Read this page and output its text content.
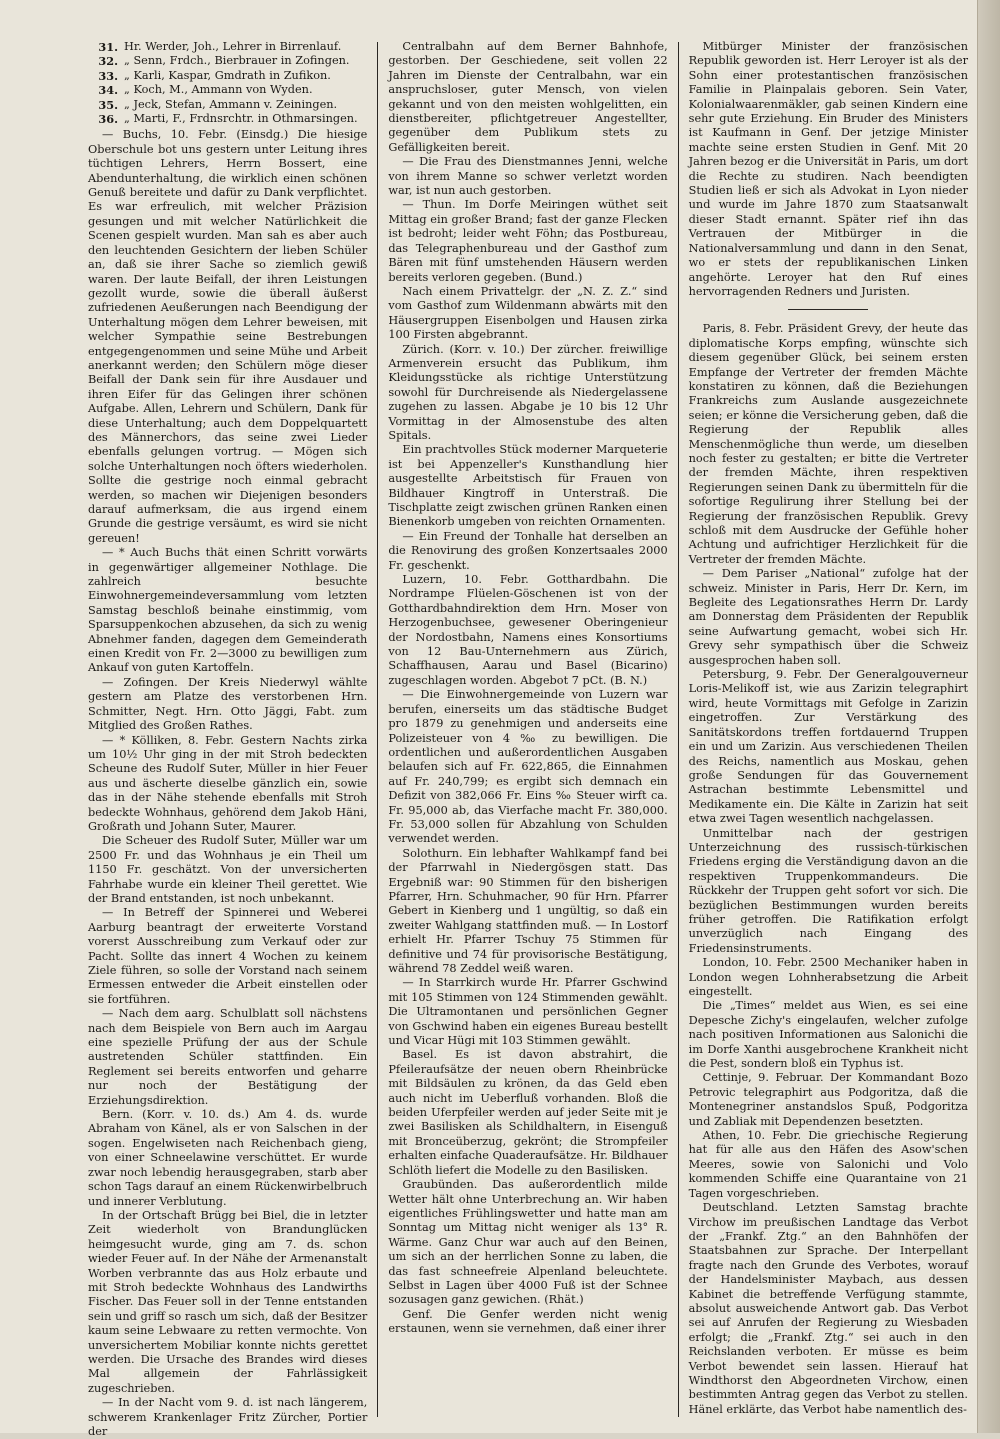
31. Hr. Werder, Joh., Lehrer in Birrenlauf.
32. „ Senn, Frdch., Bierbrauer in Zofingen.
33. „ Karli, Kaspar, Gmdrath in Zufikon.
34. „ Koch, M., Ammann von Wyden.
35. „ Jeck, Stefan, Ammann v. Zeiningen.
36. „ Marti, F., Frdnsrchtr. in Othmarsingen.

— Buchs, 10. Febr. (Einsdg.) Die hiesige Oberschule bot uns gestern unter Leitung ihres tüchtigen Lehrers, Herrn Bossert, eine Abendunterhaltung, die wirklich einen schönen Genuß bereitete und dafür zu Dank verpflichtet. Es war erfreulich, mit welcher Präzision gesungen und mit welcher Natürlichkeit die Scenen gespielt wurden. Man sah es aber auch den leuchtenden Gesichtern der lieben Schüler an, daß sie ihrer Sache so ziemlich gewiß waren. Der laute Beifall, der ihren Leistungen gezollt wurde, sowie die überall äußerst zufriedenen Aeußerungen nach Beendigung der Unterhaltung mögen dem Lehrer beweisen, mit welcher Sympathie seine Bestrebungen entgegengenommen und seine Mühe und Arbeit anerkannt werden; den Schülern möge dieser Beifall der Dank sein für ihre Ausdauer und ihren Eifer für das Gelingen ihrer schönen Aufgabe. Allen, Lehrern und Schülern, Dank für diese Unterhaltung; auch dem Doppelquartett des Männerchors, das seine zwei Lieder ebenfalls gelungen vortrug. — Mögen sich solche Unterhaltungen noch öfters wiederholen. Sollte die gestrige noch einmal gebracht werden, so machen wir Diejenigen besonders darauf aufmerksam, die aus irgend einem Grunde die gestrige versäumt, es wird sie nicht gereuen!

— * Auch Buchs thät einen Schritt vorwärts in gegenwärtiger allgemeiner Nothlage. Die zahlreich besuchte Einwohnergemeindeversammlung vom letzten Samstag beschloß beinahe einstimmig, vom Sparsuppenkochen abzusehen, da sich zu wenig Abnehmer fanden, dagegen dem Gemeinderath einen Kredit von Fr. 2—3000 zu bewilligen zum Ankauf von guten Kartoffeln.

— Zofingen. Der Kreis Niederwyl wählte gestern am Platze des verstorbenen Hrn. Schmitter, Negt. Hrn. Otto Jäggi, Fabt. zum Mitglied des Großen Rathes.

— * Kölliken, 8. Febr. Gestern Nachts zirka um 10½ Uhr ging in der mit Stroh bedeckten Scheune des Rudolf Suter, Müller in hier Feuer aus und äscherte dieselbe gänzlich ein, sowie das in der Nähe stehende ebenfalls mit Stroh bedeckte Wohnhaus, gehörend dem Jakob Häni, Großrath und Johann Suter, Maurer.

Die Scheuer des Rudolf Suter, Müller war um 2500 Fr. und das Wohnhaus je ein Theil um 1150 Fr. geschätzt. Von der unversicherten Fahrhabe wurde ein kleiner Theil gerettet. Wie der Brand entstanden, ist noch unbekannt.

— In Betreff der Spinnerei und Weberei Aarburg beantragt der erweiterte Vorstand vorerst Ausschreibung zum Verkauf oder zur Pacht. Sollte das innert 4 Wochen zu keinem Ziele führen, so solle der Vorstand nach seinem Ermessen entweder die Arbeit einstellen oder sie fortführen.

— Nach dem aarg. Schulblatt soll nächstens nach dem Beispiele von Bern auch im Aargau eine spezielle Prüfung der aus der Schule austretenden Schüler stattfinden. Ein Reglement sei bereits entworfen und geharre nur noch der Bestätigung der Erziehungsdirektion.

Bern. (Korr. v. 10. ds.) Am 4. ds. wurde Abraham von Känel, als er von Salschen in der sogen. Engelwiseten nach Reichenbach gieng, von einer Schneelawine verschüttet. Er wurde zwar noch lebendig herausgegraben, starb aber schon Tags darauf an einem Rückenwirbelbruch und innerer Verblutung.

In der Ortschaft Brügg bei Biel, die in letzter Zeit wiederholt von Brandunglücken heimgesucht wurde, ging am 7. ds. schon wieder Feuer auf. In der Nähe der Armenanstalt Worben verbrannte das aus Holz erbaute und mit Stroh bedeckte Wohnhaus des Landwirths Fischer. Das Feuer soll in der Tenne entstanden sein und griff so rasch um sich, daß der Besitzer kaum seine Lebwaare zu retten vermochte. Von unversichertem Mobiliar konnte nichts gerettet werden. Die Ursache des Brandes wird dieses Mal allgemein der Fahrlässigkeit zugeschrieben.

— In der Nacht vom 9. d. ist nach längerem, schwerem Krankenlager Fritz Zürcher, Portier der

Centralbahn auf dem Berner Bahnhofe, gestorben. Der Geschiedene, seit vollen 22 Jahren im Dienste der Centralbahn, war ein anspruchsloser, guter Mensch, von vielen gekannt und von den meisten wohlgelitten, ein dienstbereiter, pflichtgetreuer Angestellter, gegenüber dem Publikum stets zu Gefälligkeiten bereit.

— Die Frau des Dienstmannes Jenni, welche von ihrem Manne so schwer verletzt worden war, ist nun auch gestorben.

— Thun. Im Dorfe Meiringen wüthet seit Mittag ein großer Brand; fast der ganze Flecken ist bedroht; leider weht Föhn; das Postbureau, das Telegraphenbureau und der Gasthof zum Bären mit fünf umstehenden Häusern werden bereits verloren gegeben. (Bund.)

Nach einem Privattelgr. der „N. Z. Z.“ sind vom Gasthof zum Wildenmann abwärts mit den Häusergruppen Eisenbolgen und Hausen zirka 100 Firsten abgebrannt.

Zürich. (Korr. v. 10.) Der zürcher. freiwillige Armenverein ersucht das Publikum, ihm Kleidungsstücke als richtige Unterstützung sowohl für Durchreisende als Niedergelassene zugehen zu lassen. Abgabe je 10 bis 12 Uhr Vormittag in der Almosenstube des alten Spitals.

Ein prachtvolles Stück moderner Marqueterie ist bei Appenzeller's Kunsthandlung hier ausgestellte Arbeitstisch für Frauen von Bildhauer Kingtroff in Unterstraß. Die Tischplatte zeigt zwischen grünen Ranken einen Bienenkorb umgeben von reichten Ornamenten.

— Ein Freund der Tonhalle hat derselben an die Renovirung des großen Konzertsaales 2000 Fr. geschenkt.

Luzern, 10. Febr. Gotthardbahn. Die Nordrampe Flüelen-Göschenen ist von der Gotthardbahndirektion dem Hrn. Moser von Herzogenbuchsee, gewesener Oberingenieur der Nordostbahn, Namens eines Konsortiums von 12 Bau-Unternehmern aus Zürich, Schaffhausen, Aarau und Basel (Bicarino) zugeschlagen worden. Abgebot 7 pCt. (B. N.)

— Die Einwohnergemeinde von Luzern war berufen, einerseits um das städtische Budget pro 1879 zu genehmigen und anderseits eine Polizeisteuer von 4 ‰ zu bewilligen. Die ordentlichen und außerordentlichen Ausgaben belaufen sich auf Fr. 622,865, die Einnahmen auf Fr. 240,799; es ergibt sich demnach ein Defizit von 382,066 Fr. Eins ‰ Steuer wirft ca. Fr. 95,000 ab, das Vierfache macht Fr. 380,000. Fr. 53,000 sollen für Abzahlung von Schulden verwendet werden.

Solothurn. Ein lebhafter Wahlkampf fand bei der Pfarrwahl in Niedergösgen statt. Das Ergebniß war: 90 Stimmen für den bisherigen Pfarrer, Hrn. Schuhmacher, 90 für Hrn. Pfarrer Gebert in Kienberg und 1 ungültig, so daß ein zweiter Wahlgang stattfinden muß. — In Lostorf erhielt Hr. Pfarrer Tschuy 75 Stimmen für definitive und 74 für provisorische Bestätigung, während 78 Zeddel weiß waren.

— In Starrkirch wurde Hr. Pfarrer Gschwind mit 105 Stimmen von 124 Stimmenden gewählt. Die Ultramontanen und persönlichen Gegner von Gschwind haben ein eigenes Bureau bestellt und Vicar Hügi mit 103 Stimmen gewählt.

Basel. Es ist davon abstrahirt, die Pfeileraufsätze der neuen obern Rheinbrücke mit Bildsäulen zu krönen, da das Geld eben auch nicht im Ueberfluß vorhanden. Bloß die beiden Uferpfeiler werden auf jeder Seite mit je zwei Basilisken als Schildhaltern, in Eisenguß mit Bronceüberzug, gekrönt; die Strompfeiler erhalten einfache Quaderaufsätze. Hr. Bildhauer Schlöth liefert die Modelle zu den Basilisken.

Graubünden. Das außerordentlich milde Wetter hält ohne Unterbrechung an. Wir haben eigentliches Frühlingswetter und hatte man am Sonntag um Mittag nicht weniger als 13° R. Wärme. Ganz Chur war auch auf den Beinen, um sich an der herrlichen Sonne zu laben, die das fast schneefreie Alpenland beleuchtete. Selbst in Lagen über 4000 Fuß ist der Schnee sozusagen ganz gewichen. (Rhät.)

Genf. Die Genfer werden nicht wenig erstaunen, wenn sie vernehmen, daß einer ihrer

Mitbürger Minister der französischen Republik geworden ist. Herr Leroyer ist als der Sohn einer protestantischen französischen Familie in Plainpalais geboren. Sein Vater, Kolonialwaarenmäkler, gab seinen Kindern eine sehr gute Erziehung. Ein Bruder des Ministers ist Kaufmann in Genf. Der jetzige Minister machte seine ersten Studien in Genf. Mit 20 Jahren bezog er die Universität in Paris, um dort die Rechte zu studiren. Nach beendigten Studien ließ er sich als Advokat in Lyon nieder und wurde im Jahre 1870 zum Staatsanwalt dieser Stadt ernannt. Später rief ihn das Vertrauen der Mitbürger in die Nationalversammlung und dann in den Senat, wo er stets der republikanischen Linken angehörte. Leroyer hat den Ruf eines hervorragenden Redners und Juristen.

Paris, 8. Febr. Präsident Grevy, der heute das diplomatische Korps empfing, wünschte sich diesem gegenüber Glück, bei seinem ersten Empfange der Vertreter der fremden Mächte konstatiren zu können, daß die Beziehungen Frankreichs zum Auslande ausgezeichnete seien; er könne die Versicherung geben, daß die Regierung der Republik alles Menschenmögliche thun werde, um dieselben noch fester zu gestalten; er bitte die Vertreter der fremden Mächte, ihren respektiven Regierungen seinen Dank zu übermitteln für die sofortige Regulirung ihrer Stellung bei der Regierung der französischen Republik. Grevy schloß mit dem Ausdrucke der Gefühle hoher Achtung und aufrichtiger Herzlichkeit für die Vertreter der fremden Mächte.

— Dem Pariser „National“ zufolge hat der schweiz. Minister in Paris, Herr Dr. Kern, im Begleite des Legationsrathes Herrn Dr. Lardy am Donnerstag dem Präsidenten der Republik seine Aufwartung gemacht, wobei sich Hr. Grevy sehr sympathisch über die Schweiz ausgesprochen haben soll.

Petersburg, 9. Febr. Der Generalgouverneur Loris-Melikoff ist, wie aus Zarizin telegraphirt wird, heute Vormittags mit Gefolge in Zarizin eingetroffen. Zur Verstärkung des Sanitätskordons treffen fortdauernd Truppen ein und um Zarizin. Aus verschiedenen Theilen des Reichs, namentlich aus Moskau, gehen große Sendungen für das Gouvernement Astrachan bestimmte Lebensmittel und Medikamente ein. Die Kälte in Zarizin hat seit etwa zwei Tagen wesentlich nachgelassen.

Unmittelbar nach der gestrigen Unterzeichnung des russisch-türkischen Friedens erging die Verständigung davon an die respektiven Truppenkommandeurs. Die Rückkehr der Truppen geht sofort vor sich. Die bezüglichen Bestimmungen wurden bereits früher getroffen. Die Ratifikation erfolgt unverzüglich nach Eingang des Friedensinstruments.

London, 10. Febr. 2500 Mechaniker haben in London wegen Lohnherabsetzung die Arbeit eingestellt.

Die „Times“ meldet aus Wien, es sei eine Depesche Zichy's eingelaufen, welcher zufolge nach positiven Informationen aus Salonichi die im Dorfe Xanthi ausgebrochene Krankheit nicht die Pest, sondern bloß ein Typhus ist.

Cettinje, 9. Februar. Der Kommandant Bozo Petrovic telegraphirt aus Podgoritza, daß die Montenegriner anstandslos Spuß, Podgoritza und Zabliak mit Dependenzen besetzten.

Athen, 10. Febr. Die griechische Regierung hat für alle aus den Häfen des Asow'schen Meeres, sowie von Salonichi und Volo kommenden Schiffe eine Quarantaine von 21 Tagen vorgeschrieben.

Deutschland. Letzten Samstag brachte Virchow im preußischen Landtage das Verbot der „Frankf. Ztg.“ an den Bahnhöfen der Staatsbahnen zur Sprache. Der Interpellant fragte nach den Grunde des Verbotes, worauf der Handelsminister Maybach, aus dessen Kabinet die betreffende Verfügung stammte, absolut ausweichende Antwort gab. Das Verbot sei auf Anrufen der Regierung zu Wiesbaden erfolgt; die „Frankf. Ztg.“ sei auch in den Reichslanden verboten. Er müsse es beim Verbot bewendet sein lassen. Hierauf hat Windthorst den Abgeordneten Virchow, einen bestimmten Antrag gegen das Verbot zu stellen. Hänel erklärte, das Verbot habe namentlich des-
